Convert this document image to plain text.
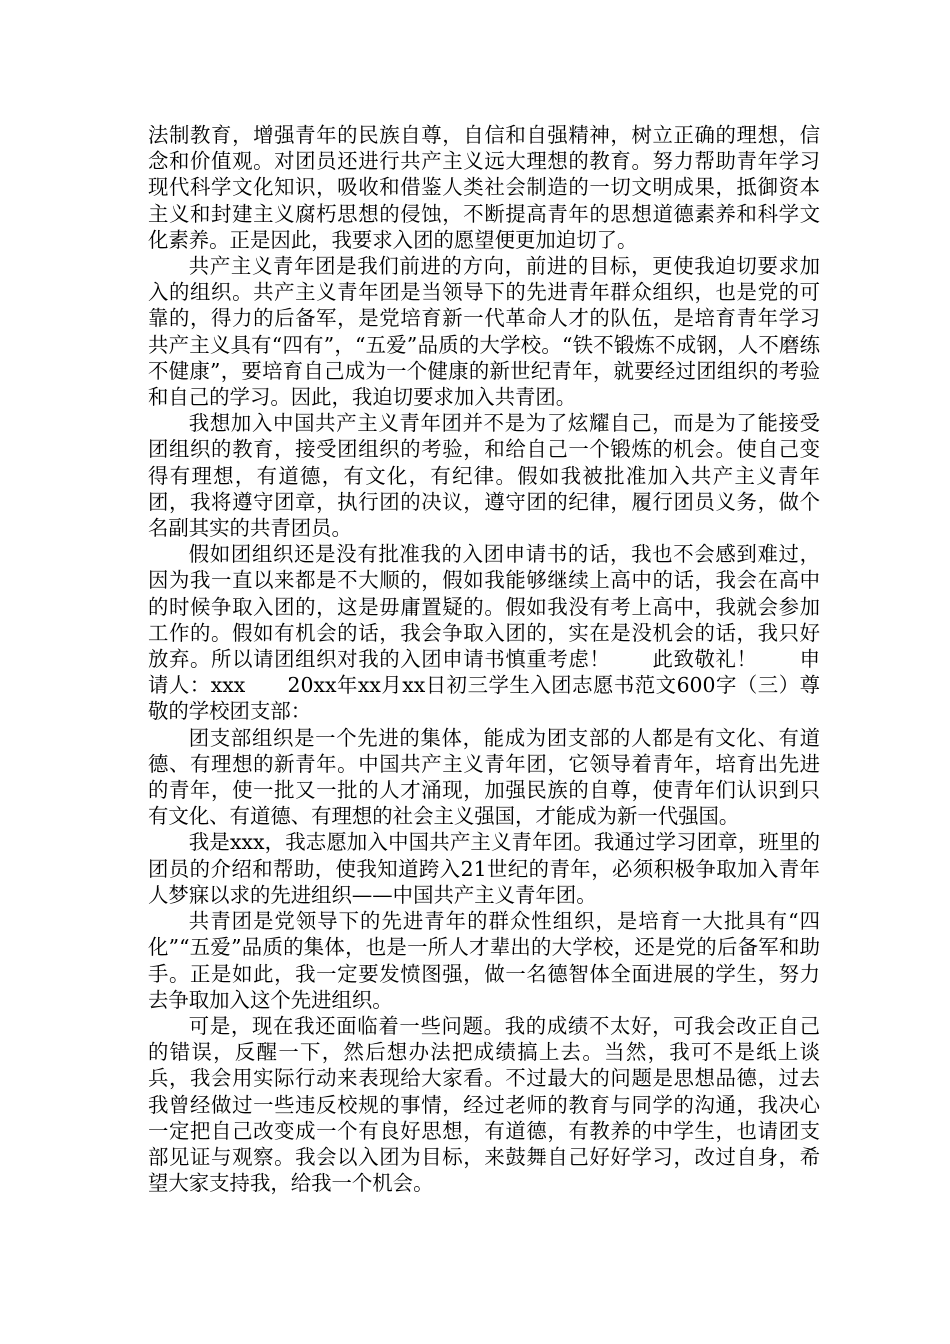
法制教育，增强青年的民族自尊，自信和自强精神，树立正确的理想，信念和价值观。对团员还进行共产主义远大理想的教育。努力帮助青年学习现代科学文化知识，吸收和借鉴人类社会制造的一切文明成果，抵御资本主义和封建主义腐朽思想的侵蚀，不断提高青年的思想道德素养和科学文化素养。正是因此，我要求入团的愿望便更加迫切了。

共产主义青年团是我们前进的方向，前进的目标，更使我迫切要求加入的组织。共产主义青年团是当领导下的先进青年群众组织，也是党的可靠的，得力的后备军，是党培育新一代革命人才的队伍，是培育青年学习共产主义具有“四有”，“五爱”品质的大学校。“铁不锻炼不成钢，人不磨练不健康”，要培育自己成为一个健康的新世纪青年，就要经过团组织的考验和自己的学习。因此，我迫切要求加入共青团。

我想加入中国共产主义青年团并不是为了炫耀自己，而是为了能接受团组织的教育，接受团组织的考验，和给自己一个锻炼的机会。使自己变得有理想，有道德，有文化，有纪律。假如我被批准加入共产主义青年团，我将遵守团章，执行团的决议，遵守团的纪律，履行团员义务，做个名副其实的共青团员。

假如团组织还是没有批准我的入团申请书的话，我也不会感到难过，因为我一直以来都是不大顺的，假如我能够继续上高中的话，我会在高中的时候争取入团的，这是毋庸置疑的。假如我没有考上高中，我就会参加工作的。假如有机会的话，我会争取入团的，实在是没机会的话，我只好放弃。所以请团组织对我的入团申请书慎重考虑！　　此致敬礼！　　申请人：xxx　　20xx年xx月xx日初三学生入团志愿书范文600字（三）尊敬的学校团支部：

团支部组织是一个先进的集体，能成为团支部的人都是有文化、有道德、有理想的新青年。中国共产主义青年团，它领导着青年，培育出先进的青年，使一批又一批的人才涌现，加强民族的自尊，使青年们认识到只有文化、有道德、有理想的社会主义强国，才能成为新一代强国。

我是xxx，我志愿加入中国共产主义青年团。我通过学习团章，班里的团员的介绍和帮助，使我知道跨入21世纪的青年，必须积极争取加入青年人梦寐以求的先进组织——中国共产主义青年团。

共青团是党领导下的先进青年的群众性组织，是培育一大批具有“四化”“五爱”品质的集体，也是一所人才辈出的大学校，还是党的后备军和助手。正是如此，我一定要发愤图强，做一名德智体全面进展的学生，努力去争取加入这个先进组织。

可是，现在我还面临着一些问题。我的成绩不太好，可我会改正自己的错误，反醒一下，然后想办法把成绩搞上去。当然，我可不是纸上谈兵，我会用实际行动来表现给大家看。不过最大的问题是思想品德，过去我曾经做过一些违反校规的事情，经过老师的教育与同学的沟通，我决心一定把自己改变成一个有良好思想，有道德，有教养的中学生，也请团支部见证与观察。我会以入团为目标，来鼓舞自己好好学习，改过自身，希望大家支持我，给我一个机会。
